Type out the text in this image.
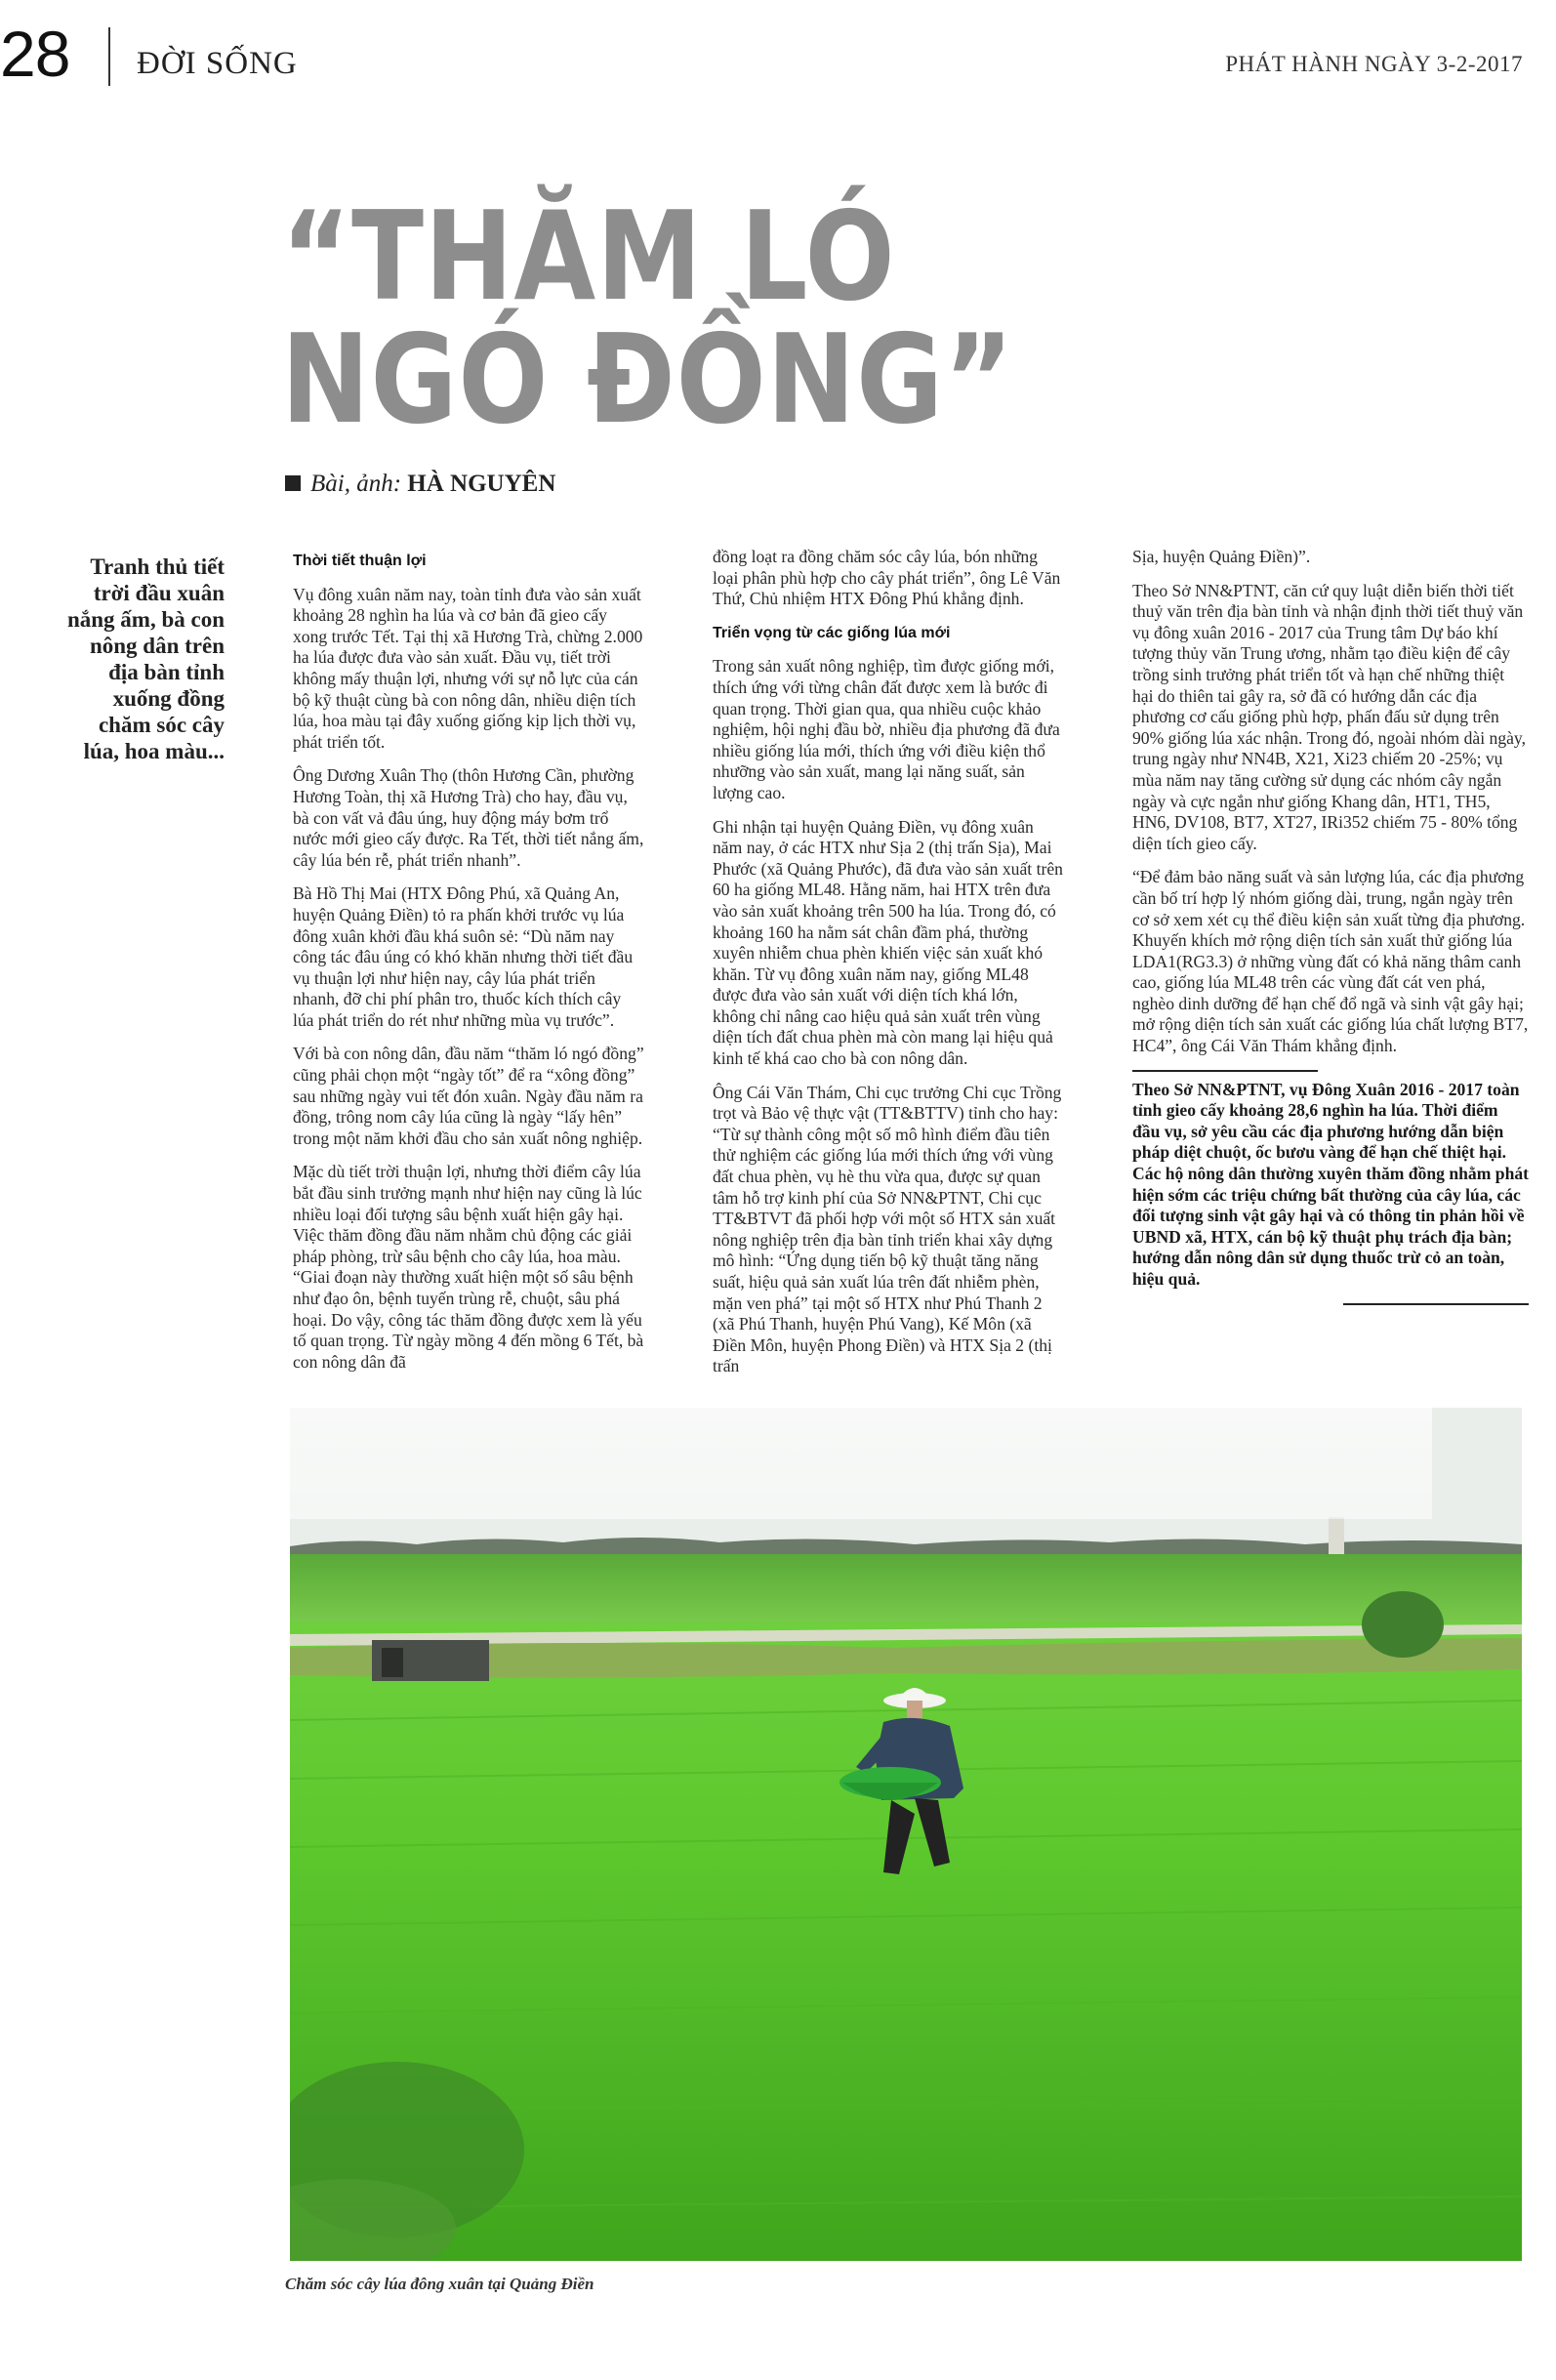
28 ĐỜI SỐNG	PHÁT HÀNH NGÀY 3-2-2017
“THĂM LÓ
NGÓ ĐỒNG”
Bài, ảnh: HÀ NGUYÊN
Tranh thủ tiết trời đầu xuân nắng ấm, bà con nông dân trên địa bàn tỉnh xuống đồng chăm sóc cây lúa, hoa màu...
Thời tiết thuận lợi

Vụ đông xuân năm nay, toàn tỉnh đưa vào sản xuất khoảng 28 nghìn ha lúa và cơ bản đã gieo cấy xong trước Tết. Tại thị xã Hương Trà, chừng 2.000 ha lúa được đưa vào sản xuất. Đầu vụ, tiết trời không mấy thuận lợi, nhưng với sự nỗ lực của cán bộ kỹ thuật cùng bà con nông dân, nhiều diện tích lúa, hoa màu tại đây xuống giống kịp lịch thời vụ, phát triển tốt.

Ông Dương Xuân Thọ (thôn Hương Cần, phường Hương Toàn, thị xã Hương Trà) cho hay, đầu vụ, bà con vất vả đâu úng, huy động máy bơm trổ nước mới gieo cấy được. Ra Tết, thời tiết nắng ấm, cây lúa bén rễ, phát triển nhanh”.

Bà Hồ Thị Mai (HTX Đông Phú, xã Quảng An, huyện Quảng Điền) tỏ ra phấn khởi trước vụ lúa đông xuân khởi đầu khá suôn sẻ: “Dù năm nay công tác đâu úng có khó khăn nhưng thời tiết đầu vụ thuận lợi như hiện nay, cây lúa phát triển nhanh, đỡ chi phí phân tro, thuốc kích thích cây lúa phát triển do rét như những mùa vụ trước”.

Với bà con nông dân, đầu năm “thăm ló ngó đồng” cũng phải chọn một “ngày tốt” để ra “xông đồng” sau những ngày vui tết đón xuân. Ngày đầu năm ra đồng, trông nom cây lúa cũng là ngày “lấy hên” trong một năm khởi đầu cho sản xuất nông nghiệp.

Mặc dù tiết trời thuận lợi, nhưng thời điểm cây lúa bắt đầu sinh trưởng mạnh như hiện nay cũng là lúc nhiều loại đối tượng sâu bệnh xuất hiện gây hại. Việc thăm đồng đầu năm nhằm chủ động các giải pháp phòng, trừ sâu bệnh cho cây lúa, hoa màu. “Giai đoạn này thường xuất hiện một số sâu bệnh như đạo ôn, bệnh tuyến trùng rễ, chuột, sâu phá hoại. Do vậy, công tác thăm đồng được xem là yếu tố quan trọng. Từ ngày mồng 4 đến mồng 6 Tết, bà con nông dân đã

đồng loạt ra đồng chăm sóc cây lúa, bón những loại phân phù hợp cho cây phát triển”, ông Lê Văn Thứ, Chủ nhiệm HTX Đông Phú khẳng định.

Triển vọng từ các giống lúa mới

Trong sản xuất nông nghiệp, tìm được giống mới, thích ứng với từng chân đất được xem là bước đi quan trọng. Thời gian qua, qua nhiều cuộc khảo nghiệm, hội nghị đầu bờ, nhiều địa phương đã đưa nhiều giống lúa mới, thích ứng với điều kiện thổ nhưỡng vào sản xuất, mang lại năng suất, sản lượng cao.

Ghi nhận tại huyện Quảng Điền, vụ đông xuân năm nay, ở các HTX như Sịa 2 (thị trấn Sịa), Mai Phước (xã Quảng Phước), đã đưa vào sản xuất trên 60 ha giống ML48. Hằng năm, hai HTX trên đưa vào sản xuất khoảng trên 500 ha lúa. Trong đó, có khoảng 160 ha nằm sát chân đầm phá, thường xuyên nhiễm chua phèn khiến việc sản xuất khó khăn. Từ vụ đông xuân năm nay, giống ML48 được đưa vào sản xuất với diện tích khá lớn, không chỉ nâng cao hiệu quả sản xuất trên vùng diện tích đất chua phèn mà còn mang lại hiệu quả kinh tế khá cao cho bà con nông dân.

Ông Cái Văn Thám, Chi cục trưởng Chi cục Trồng trọt và Bảo vệ thực vật (TT&BTTV) tỉnh cho hay: “Từ sự thành công một số mô hình điểm đầu tiên thử nghiệm các giống lúa mới thích ứng với vùng đất chua phèn, vụ hè thu vừa qua, được sự quan tâm hỗ trợ kinh phí của Sở NN&PTNT, Chi cục TT&BTVT đã phối hợp với một số HTX sản xuất nông nghiệp trên địa bàn tỉnh triển khai xây dựng mô hình: “Ứng dụng tiến bộ kỹ thuật tăng năng suất, hiệu quả sản xuất lúa trên đất nhiễm phèn, mặn ven phá” tại một số HTX như Phú Thanh 2 (xã Phú Thanh, huyện Phú Vang), Kế Môn (xã Điền Môn, huyện Phong Điền) và HTX Sịa 2 (thị trấn

Sịa, huyện Quảng Điền)”.

Theo Sở NN&PTNT, căn cứ quy luật diễn biến thời tiết thuỷ văn trên địa bàn tỉnh và nhận định thời tiết thuỷ văn vụ đông xuân 2016 - 2017 của Trung tâm Dự báo khí tượng thủy văn Trung ương, nhằm tạo điều kiện để cây trồng sinh trưởng phát triển tốt và hạn chế những thiệt hại do thiên tai gây ra, sở đã có hướng dẫn các địa phương cơ cấu giống phù hợp, phấn đấu sử dụng trên 90% giống lúa xác nhận. Trong đó, ngoài nhóm dài ngày, trung ngày như NN4B, X21, Xi23 chiếm 20 -25%; vụ mùa năm nay tăng cường sử dụng các nhóm cây ngắn ngày và cực ngắn như giống Khang dân, HT1, TH5, HN6, DV108, BT7, XT27, IRi352 chiếm 75 - 80% tổng diện tích gieo cấy.

“Để đảm bảo năng suất và sản lượng lúa, các địa phương cần bố trí hợp lý nhóm giống dài, trung, ngắn ngày trên cơ sở xem xét cụ thể điều kiện sản xuất từng địa phương. Khuyến khích mở rộng diện tích sản xuất thử giống lúa LDA1(RG3.3) ở những vùng đất có khả năng thâm canh cao, giống lúa ML48 trên các vùng đất cát ven phá, nghèo dinh dưỡng để hạn chế đổ ngã và sinh vật gây hại; mở rộng diện tích sản xuất các giống lúa chất lượng BT7, HC4”, ông Cái Văn Thám khẳng định.

Theo Sở NN&PTNT, vụ Đông Xuân 2016 - 2017 toàn tỉnh gieo cấy khoảng 28,6 nghìn ha lúa. Thời điểm đầu vụ, sở yêu cầu các địa phương hướng dẫn biện pháp diệt chuột, ốc bươu vàng để hạn chế thiệt hại. Các hộ nông dân thường xuyên thăm đồng nhằm phát hiện sớm các triệu chứng bất thường của cây lúa, các đối tượng sinh vật gây hại và có thông tin phản hồi về UBND xã, HTX, cán bộ kỹ thuật phụ trách địa bàn; hướng dẫn nông dân sử dụng thuốc trừ cỏ an toàn, hiệu quả.

Chăm sóc cây lúa đông xuân tại Quảng Điền
